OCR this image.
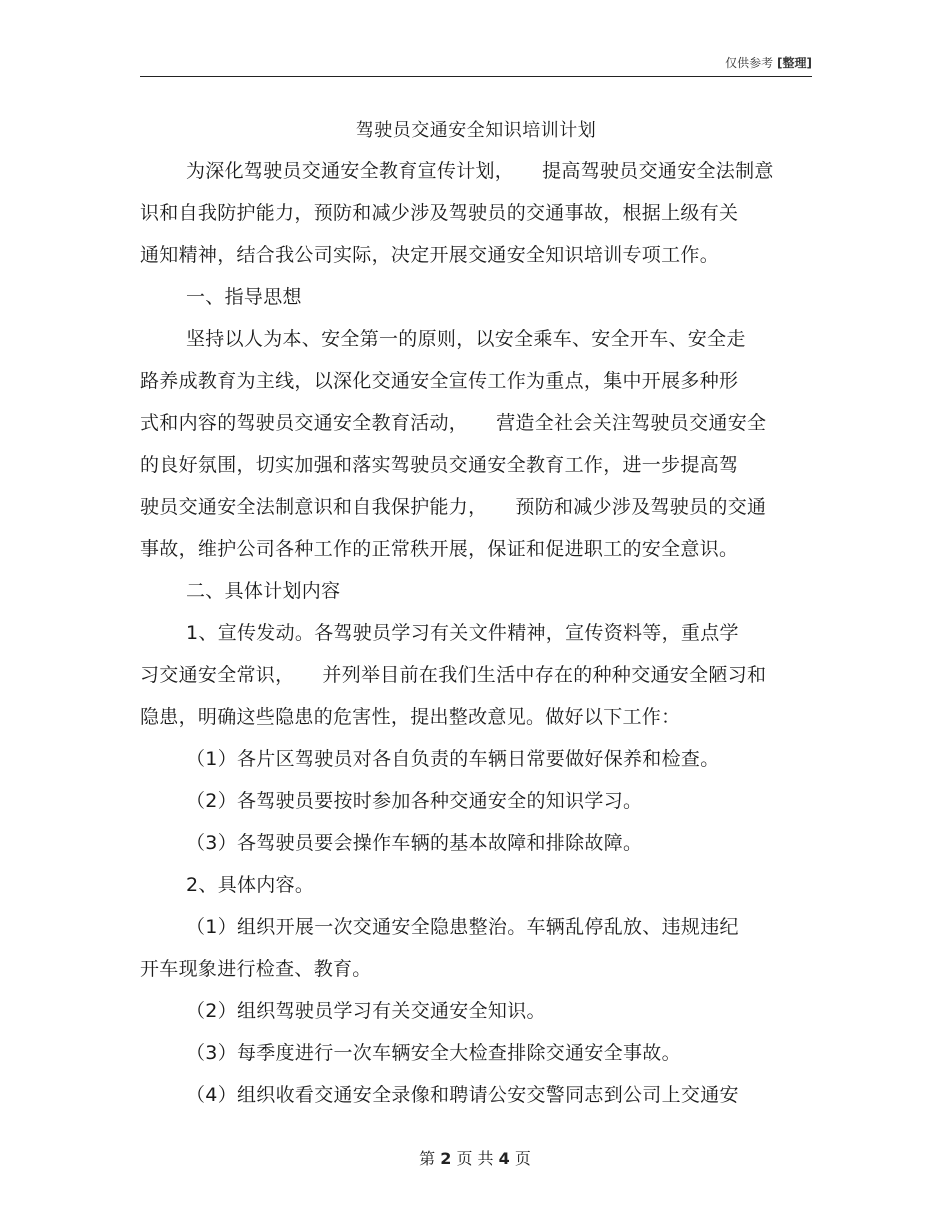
仅供参考 [整理]
驾驶员交通安全知识培训计划
为深化驾驶员交通安全教育宣传计划， 提高驾驶员交通安全法制意
识和自我防护能力，预防和减少涉及驾驶员的交通事故，根据上级有关
通知精神，结合我公司实际，决定开展交通安全知识培训专项工作。
一、指导思想
坚持以人为本、安全第一的原则，以安全乘车、安全开车、安全走
路养成教育为主线，以深化交通安全宣传工作为重点，集中开展多种形
式和内容的驾驶员交通安全教育活动， 营造全社会关注驾驶员交通安全
的良好氛围，切实加强和落实驾驶员交通安全教育工作，进一步提高驾
驶员交通安全法制意识和自我保护能力， 预防和减少涉及驾驶员的交通
事故，维护公司各种工作的正常秩开展，保证和促进职工的安全意识。
二、具体计划内容
1、宣传发动。各驾驶员学习有关文件精神，宣传资料等，重点学
习交通安全常识， 并列举目前在我们生活中存在的种种交通安全陋习和
隐患，明确这些隐患的危害性，提出整改意见。做好以下工作：
（1）各片区驾驶员对各自负责的车辆日常要做好保养和检查。
（2）各驾驶员要按时参加各种交通安全的知识学习。
（3）各驾驶员要会操作车辆的基本故障和排除故障。
2、具体内容。
（1）组织开展一次交通安全隐患整治。车辆乱停乱放、违规违纪
开车现象进行检查、教育。
（2）组织驾驶员学习有关交通安全知识。
（3）每季度进行一次车辆安全大检查排除交通安全事故。
（4）组织收看交通安全录像和聘请公安交警同志到公司上交通安
第 2 页 共 4 页
